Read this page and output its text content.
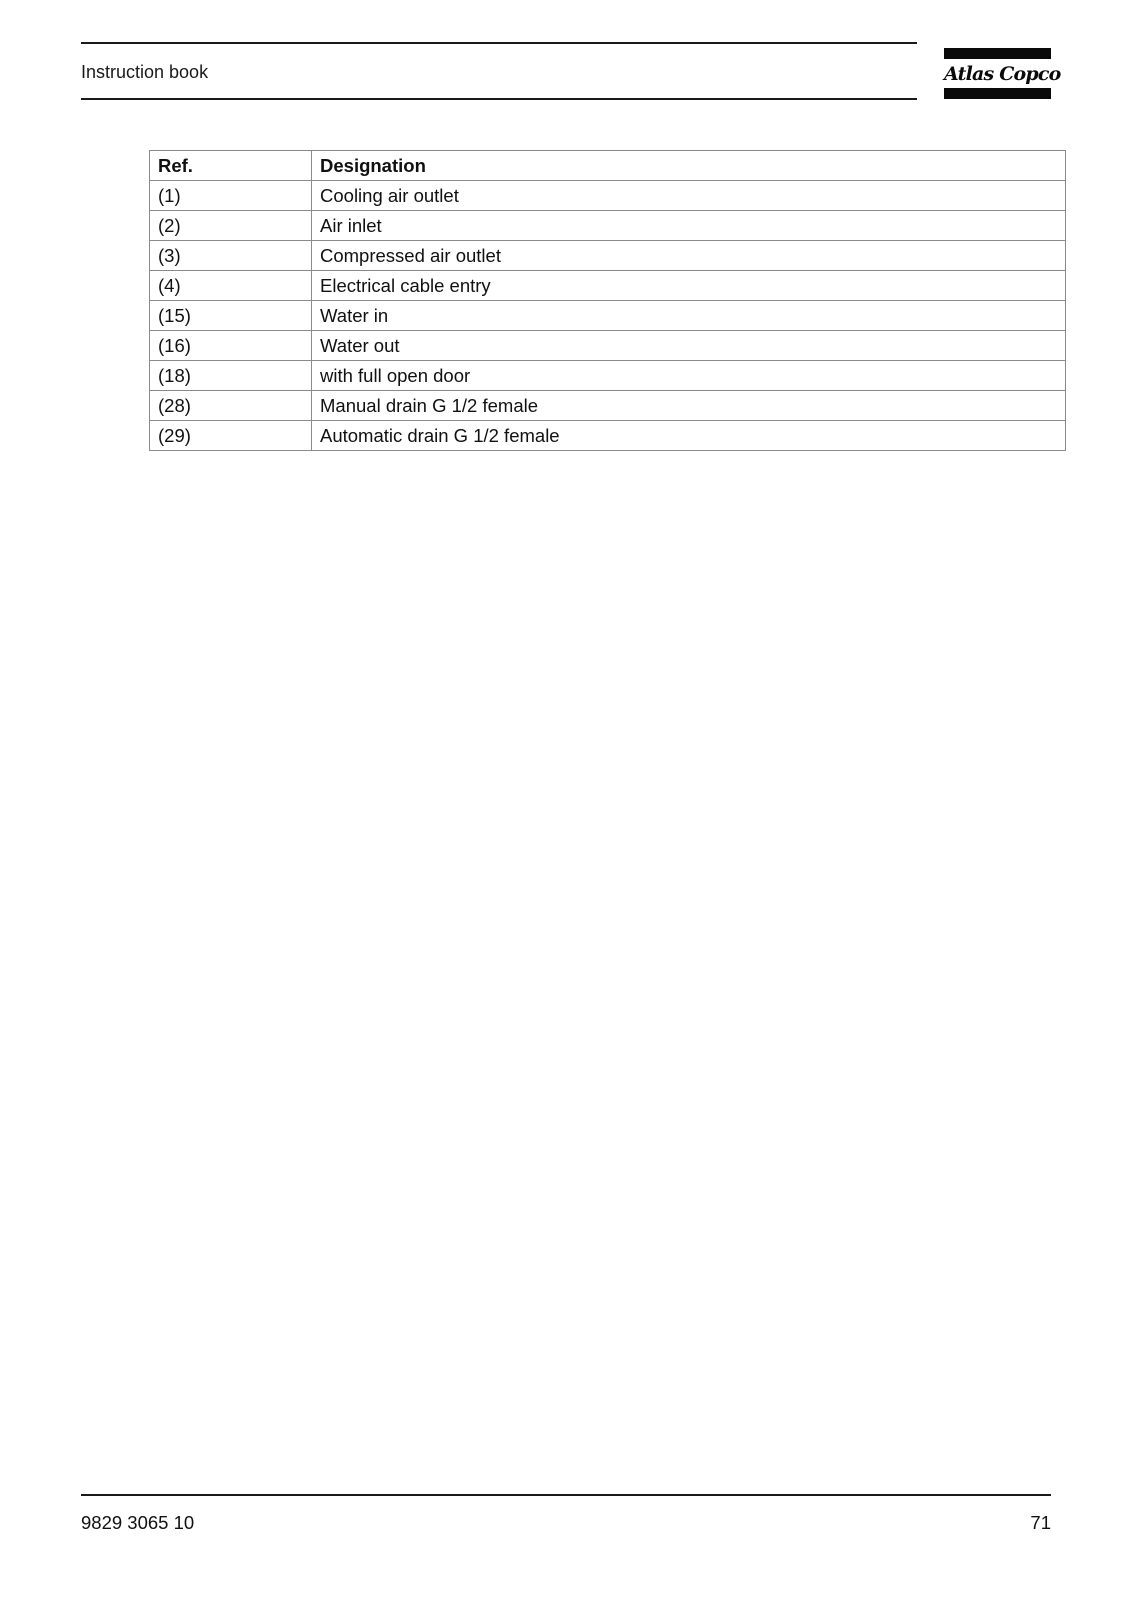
Instruction book	Atlas Copco
Ref.	Designation
(1)	Cooling air outlet
(2)	Air inlet
(3)	Compressed air outlet
(4)	Electrical cable entry
(15)	Water in
(16)	Water out
(18)	with full open door
(28)	Manual drain G 1/2 female
(29)	Automatic drain G 1/2 female
9829 3065 10	71
